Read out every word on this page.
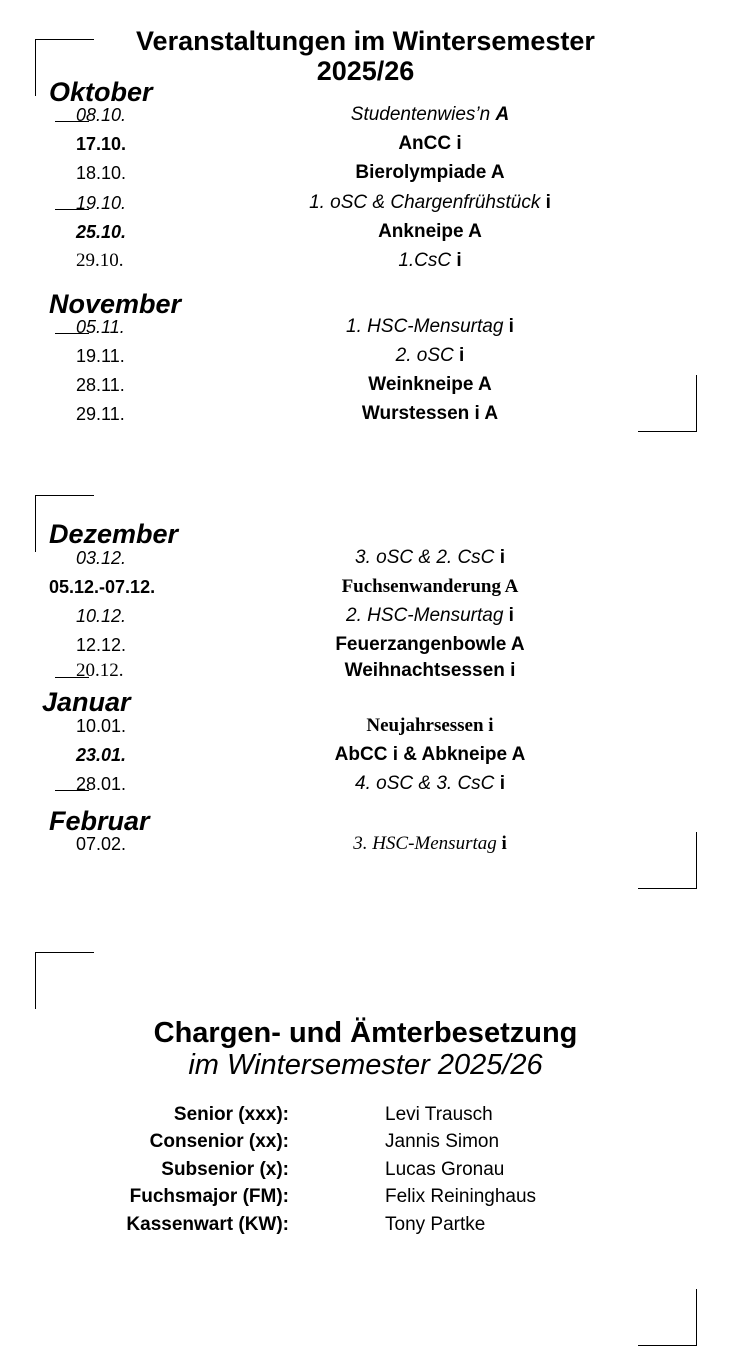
Veranstaltungen im Wintersemester
2025/26
Oktober
08.10.	Studentenwies’n A
17.10.	AnCC i
18.10.	Bierolympiade A
19.10.	1. oSC & Chargenfrühstück i
25.10.	Ankneipe A
29.10.	1.CsC i
November
05.11.	1. HSC-Mensurtag i
19.11.	2. oSC i
28.11.	Weinkneipe A
29.11.	Wurstessen i A
Dezember
03.12.	3. oSC & 2. CsC i
05.12.-07.12.	Fuchsenwanderung A
10.12.	2. HSC-Mensurtag i
12.12.	Feuerzangenbowle A
20.12.	Weihnachtsessen i
Januar
10.01.	Neujahrsessen i
23.01.	AbCC i & Abkneipe A
28.01.	4. oSC & 3. CsC i
Februar
07.02.	3. HSC-Mensurtag i
Chargen- und Ämterbesetzung
im Wintersemester 2025/26
Senior (xxx):	Levi Trausch
Consenior (xx):	Jannis Simon
Subsenior (x):	Lucas Gronau
Fuchsmajor (FM):	Felix Reininghaus
Kassenwart (KW):	Tony Partke
